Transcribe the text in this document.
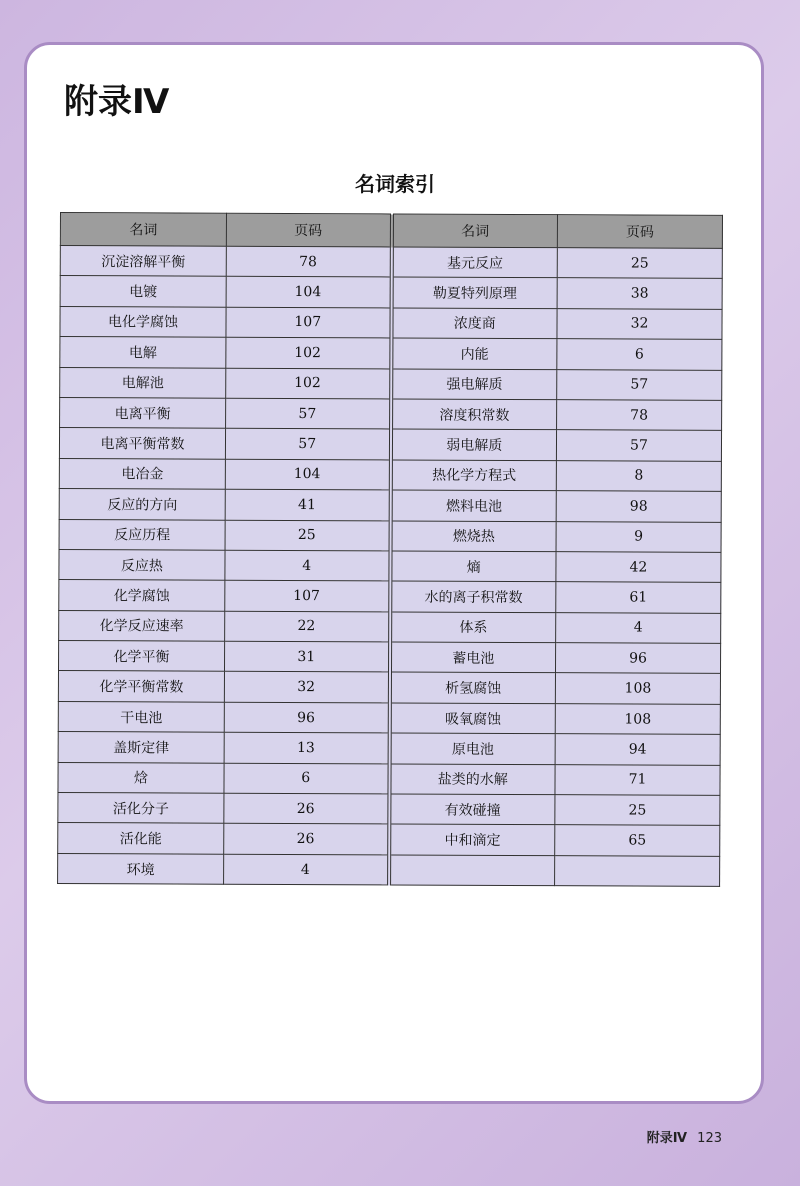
附录Ⅳ
名词索引
名词	页码	名词	页码
沉淀溶解平衡	78	基元反应	25
电镀	104	勒夏特列原理	38
电化学腐蚀	107	浓度商	32
电解	102	内能	6
电解池	102	强电解质	57
电离平衡	57	溶度积常数	78
电离平衡常数	57	弱电解质	57
电冶金	104	热化学方程式	8
反应的方向	41	燃料电池	98
反应历程	25	燃烧热	9
反应热	4	熵	42
化学腐蚀	107	水的离子积常数	61
化学反应速率	22	体系	4
化学平衡	31	蓄电池	96
化学平衡常数	32	析氢腐蚀	108
干电池	96	吸氧腐蚀	108
盖斯定律	13	原电池	94
焓	6	盐类的水解	71
活化分子	26	有效碰撞	25
活化能	26	中和滴定	65
环境	4		
附录Ⅳ 123
